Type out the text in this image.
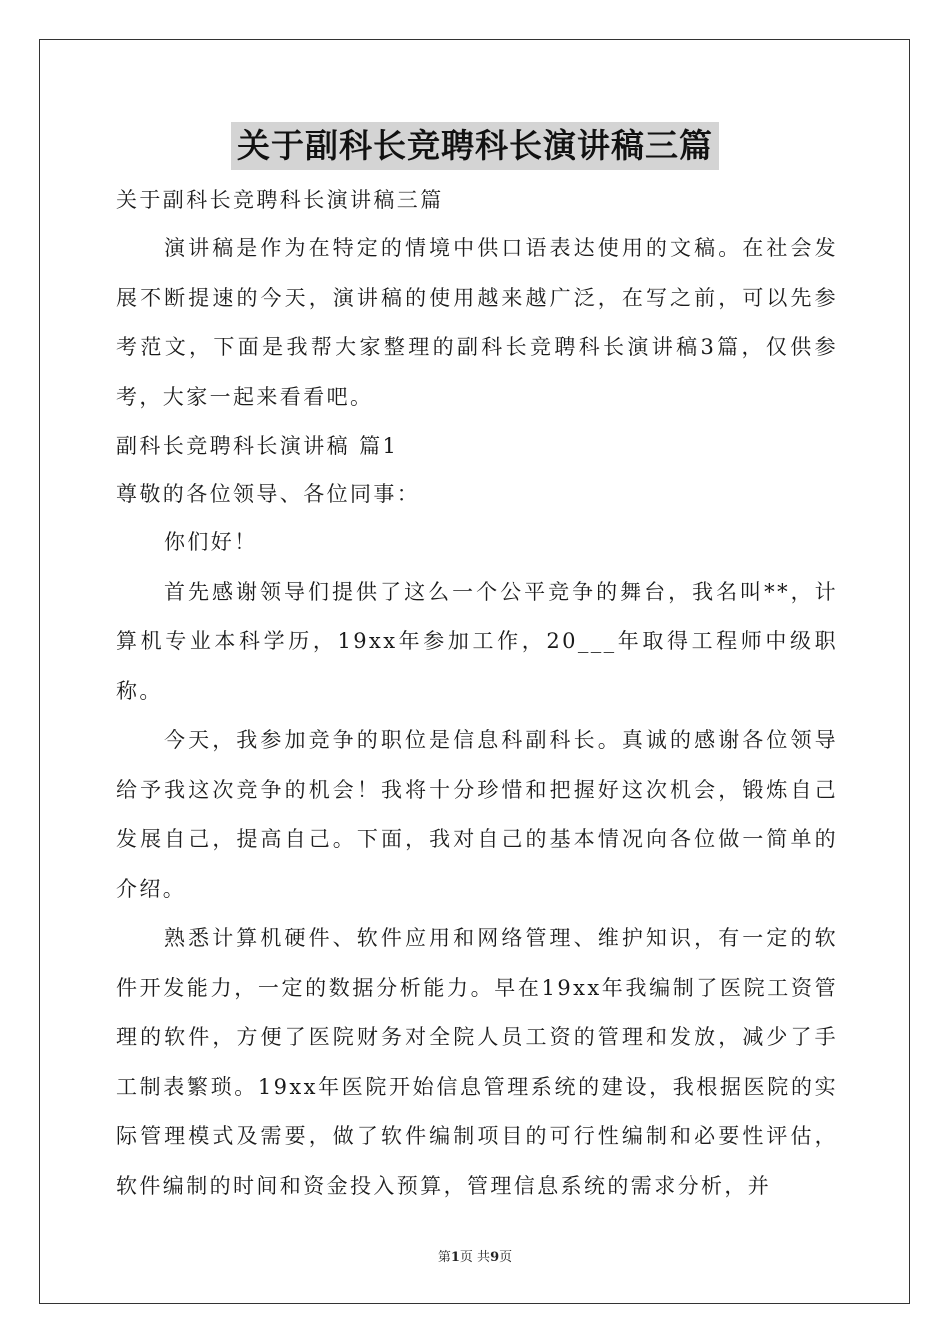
关于副科长竞聘科长演讲稿三篇

关于副科长竞聘科长演讲稿三篇

演讲稿是作为在特定的情境中供口语表达使用的文稿。在社会发展不断提速的今天，演讲稿的使用越来越广泛，在写之前，可以先参考范文，下面是我帮大家整理的副科长竞聘科长演讲稿3篇，仅供参考，大家一起来看看吧。

副科长竞聘科长演讲稿 篇1

尊敬的各位领导、各位同事：

你们好！

首先感谢领导们提供了这么一个公平竞争的舞台，我名叫**，计算机专业本科学历，19xx年参加工作，20___年取得工程师中级职称。

今天，我参加竞争的职位是信息科副科长。真诚的感谢各位领导给予我这次竞争的机会！我将十分珍惜和把握好这次机会，锻炼自己发展自己，提高自己。下面，我对自己的基本情况向各位做一简单的介绍。

熟悉计算机硬件、软件应用和网络管理、维护知识，有一定的软件开发能力，一定的数据分析能力。早在19xx年我编制了医院工资管理的软件，方便了医院财务对全院人员工资的管理和发放，减少了手工制表繁琐。19xx年医院开始信息管理系统的建设，我根据医院的实际管理模式及需要，做了软件编制项目的可行性编制和必要性评估，软件编制的时间和资金投入预算，管理信息系统的需求分析，并

第1页 共9页
